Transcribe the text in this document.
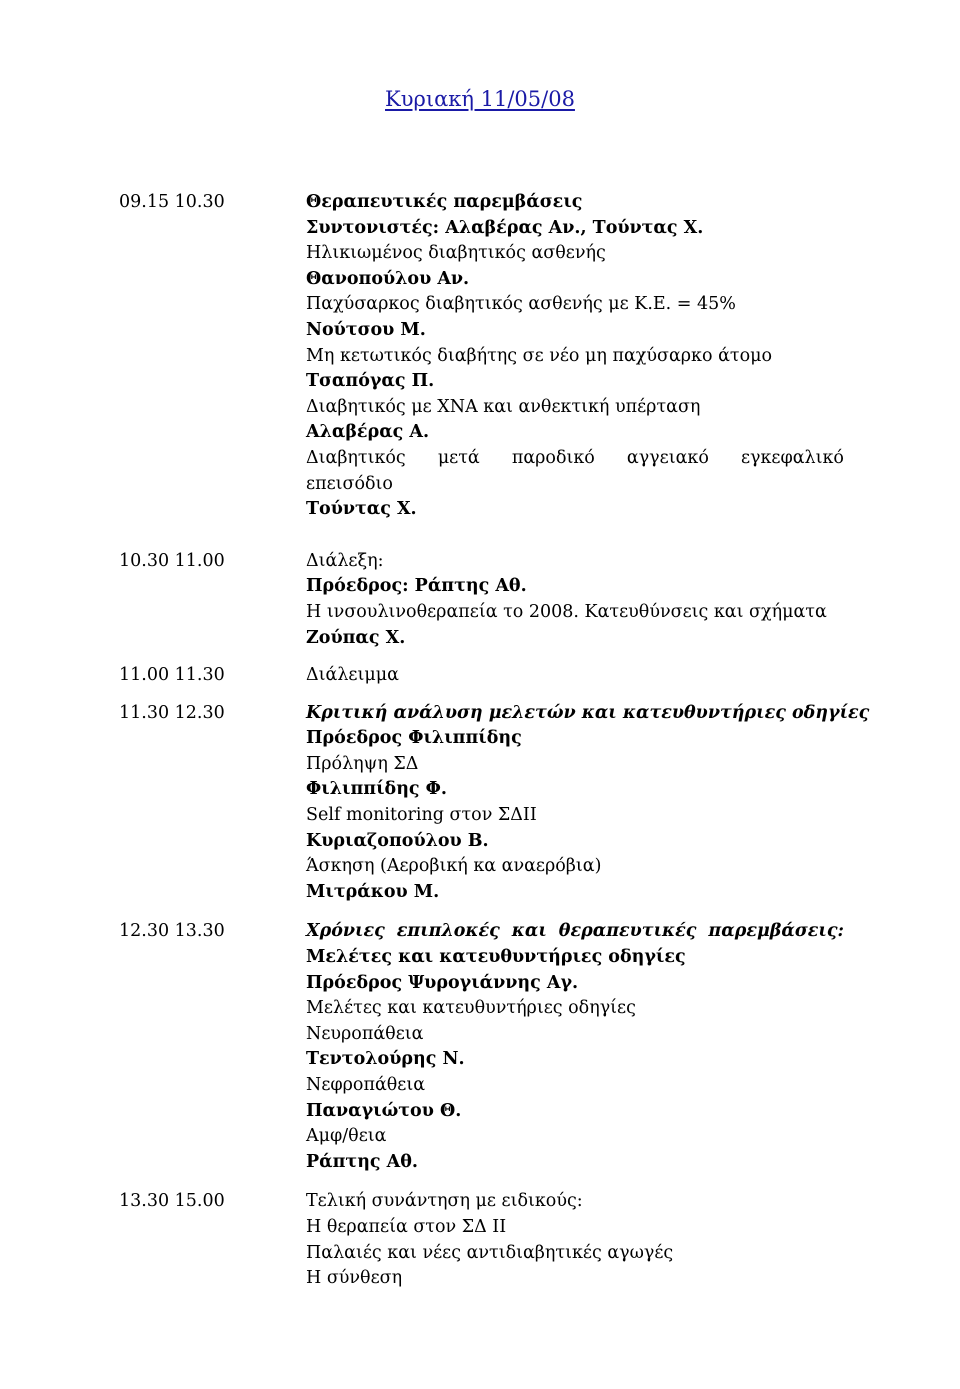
Κυριακή 11/05/08
09.15 10.30	Θεραπευτικές παρεμβάσεις
Συντονιστές: Αλαβέρας Αν., Τούντας Χ.
Ηλικιωμένος διαβητικός ασθενής
Θανοπούλου Αν.
Παχύσαρκος διαβητικός ασθενής με Κ.Ε. = 45%
Νούτσου Μ.
Μη κετωτικός διαβήτης σε νέο μη παχύσαρκο άτομο
Τσαπόγας Π.
Διαβητικός με ΧΝΑ και ανθεκτική υπέρταση
Αλαβέρας Α.
Διαβητικός μετά παροδικό αγγειακό εγκεφαλικό
επεισόδιο
Τούντας Χ.
10.30 11.00	Διάλεξη:
Πρόεδρος: Ράπτης Αθ.
Η ινσουλινοθεραπεία το 2008. Κατευθύνσεις και σχήματα
Ζούπας Χ.
11.00 11.30	Διάλειμμα
11.30 12.30	Κριτική ανάλυση μελετών και κατευθυντήριες οδηγίες
Πρόεδρος Φιλιππίδης
Πρόληψη ΣΔ
Φιλιππίδης Φ.
Self monitoring στον ΣΔΙΙ
Κυριαζοπούλου Β.
Άσκηση (Αεροβική κα αναερόβια)
Μιτράκου Μ.
12.30 13.30	Χρόνιες επιπλοκές και θεραπευτικές παρεμβάσεις:
Μελέτες και κατευθυντήριες οδηγίες
Πρόεδρος Ψυρογιάννης Αγ.
Μελέτες και κατευθυντήριες οδηγίες
Νευροπάθεια
Τεντολούρης Ν.
Νεφροπάθεια
Παναγιώτου Θ.
Αμφ/θεια
Ράπτης Αθ.
13.30 15.00	Τελική συνάντηση με ειδικούς:
Η θεραπεία στον ΣΔ ΙΙ
Παλαιές και νέες αντιδιαβητικές αγωγές
Η σύνθεση
